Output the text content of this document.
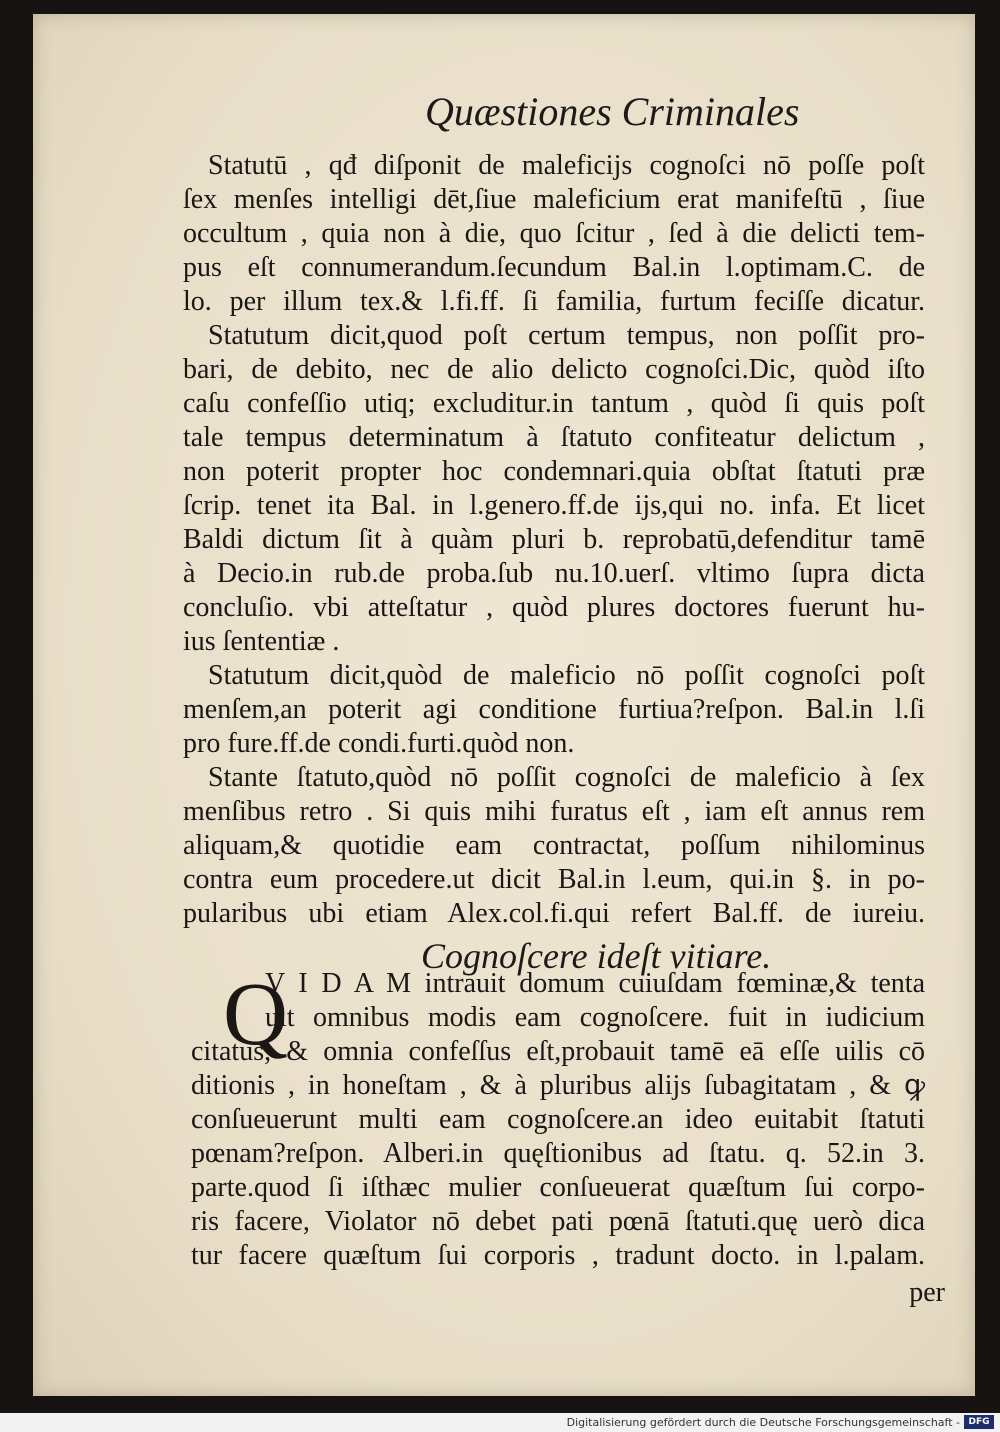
Quæstiones Criminales
Statutū , qđ diſponit de maleficijs cognoſci nō poſſe poſt
ſex menſes intelligi dēt,ſiue maleficium erat manifeſtū , ſiue
occultum , quia non à die, quo ſcitur , ſed à die delicti tem-
pus eſt connumerandum.ſecundum Bal.in l.optimam.C. de
lo. per illum tex.& l.fi.ff. ſi familia, furtum feciſſe dicatur.
Statutum dicit,quod poſt certum tempus, non poſſit pro-
bari, de debito, nec de alio delicto cognoſci.Dic, quòd iſto
caſu confeſſio utiq; excluditur.in tantum , quòd ſi quis poſt
tale tempus determinatum à ſtatuto confiteatur delictum ,
non poterit propter hoc condemnari.quia obſtat ſtatuti præ
ſcrip. tenet ita Bal. in l.genero.ff.de ijs,qui no. infa. Et licet
Baldi dictum ſit à quàm pluri b. reprobatū,defenditur tamē
à Decio.in rub.de proba.ſub nu.10.uerſ. vltimo ſupra dicta
concluſio. vbi atteſtatur , quòd plures doctores fuerunt hu-
ius ſententiæ .
Statutum dicit,quòd de maleficio nō poſſit cognoſci poſt
menſem,an poterit agi conditione furtiua?reſpon. Bal.in l.ſi
pro fure.ff.de condi.furti.quòd non.
Stante ſtatuto,quòd nō poſſit cognoſci de maleficio à ſex
menſibus retro . Si quis mihi furatus eſt , iam eſt annus rem
aliquam,& quotidie eam contractat, poſſum nihilominus
contra eum procedere.ut dicit Bal.in l.eum, qui.in §. in po-
pularibus ubi etiam Alex.col.fi.qui refert Bal.ff. de iureiu.
Cognoſcere ideſt vitiare.
Q
V I D A M intrauit domum cuiuſdam fœminæ,& tenta
uit omnibus modis eam cognoſcere. fuit in iudicium
citatus, & omnia confeſſus eſt,probauit tamē eā eſſe uilis cō
ditionis , in honeſtam , & à pluribus alijs ſubagitatam , & ꝙ
conſueuerunt multi eam cognoſcere.an ideo euitabit ſtatuti
pœnam?reſpon. Alberi.in quęſtionibus ad ſtatu. q. 52.in 3.
parte.quod ſi iſthæc mulier conſueuerat quæſtum ſui corpo-
ris facere, Violator nō debet pati pœnā ſtatuti.quę uerò dica
tur facere quæſtum ſui corporis , tradunt docto. in l.palam.
per
Digitalisierung gefördert durch die Deutsche Forschungsgemeinschaft - DFG
